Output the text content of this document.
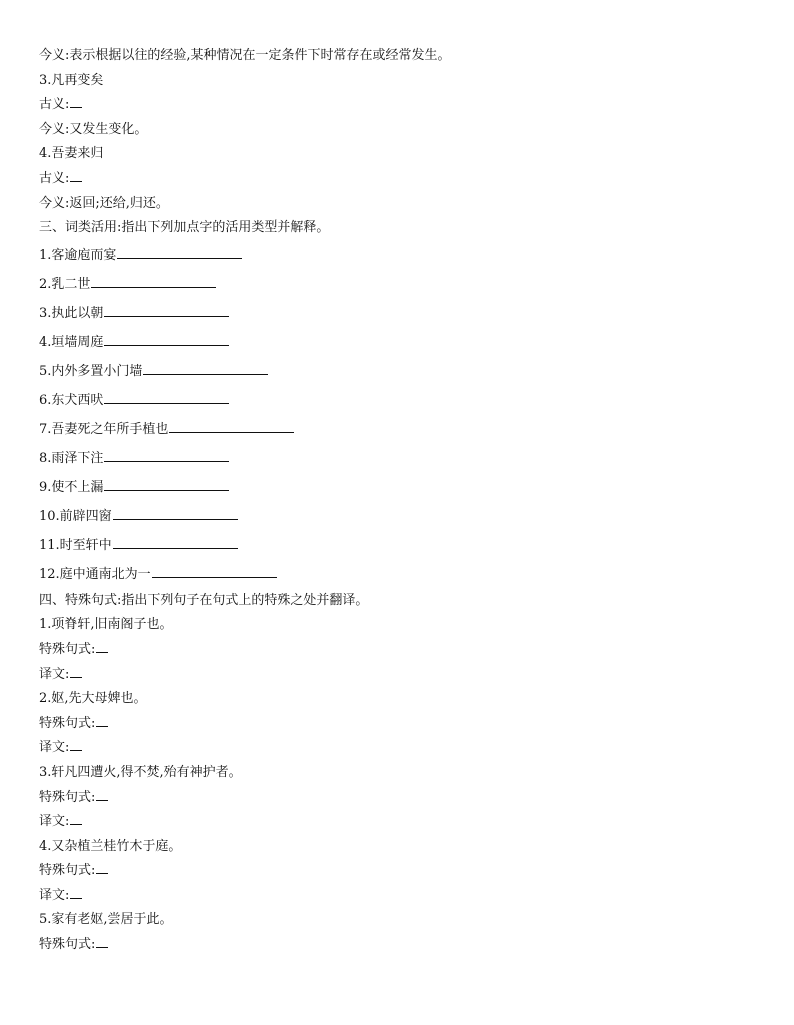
今义:表示根据以往的经验,某种情况在一定条件下时常存在或经常发生。
3.凡再变矣
古义:
今义:又发生变化。
4.吾妻来归
古义:
今义:返回;还给,归还。
三、词类活用:指出下列加点字的活用类型并解释。
1.客逾庖而宴
2.乳二世
3.执此以朝
4.垣墙周庭
5.内外多置小门墙
6.东犬西吠
7.吾妻死之年所手植也
8.雨泽下注
9.使不上漏
10.前辟四窗
11.时至轩中
12.庭中通南北为一
四、特殊句式:指出下列句子在句式上的特殊之处并翻译。
1.项脊轩,旧南阁子也。
特殊句式:
译文:
2.妪,先大母婢也。
特殊句式:
译文:
3.轩凡四遭火,得不焚,殆有神护者。
特殊句式:
译文:
4.又杂植兰桂竹木于庭。
特殊句式:
译文:
5.家有老妪,尝居于此。
特殊句式:
